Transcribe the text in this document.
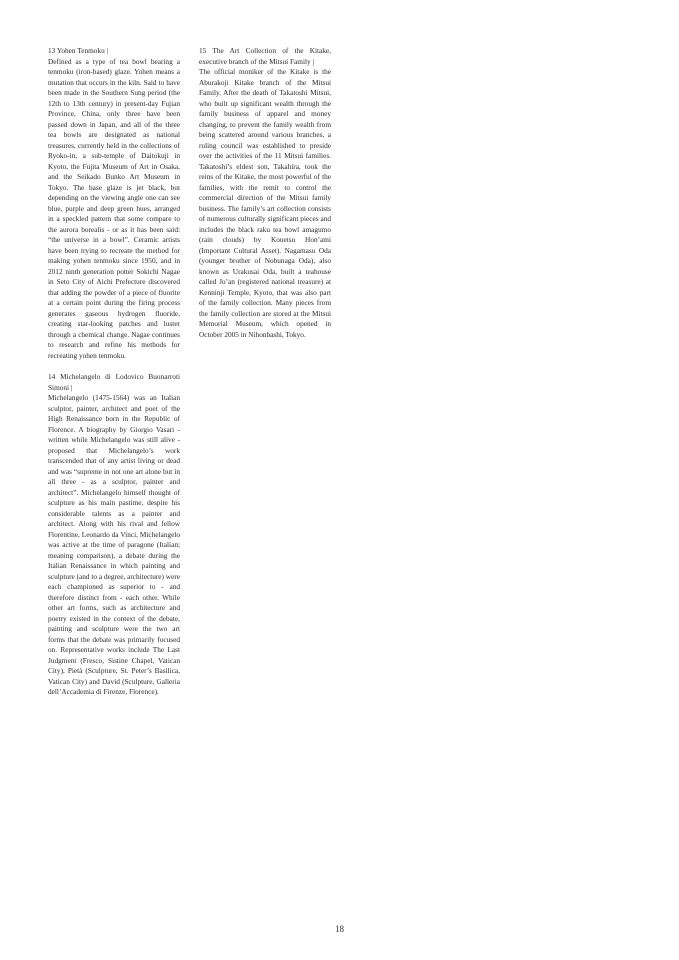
13 Yohen Tenmoku |
Defined as a type of tea bowl bearing a tenmoku (iron-based) glaze. Yohen means a mutation that occurs in the kiln. Said to have been made in the Southern Sung period (the 12th to 13th century) in present-day Fujian Province, China, only three have been passed down in Japan, and all of the three tea bowls are designated as national treasures, currently held in the collections of Ryoko-in, a sub-temple of Daitokuji in Kyoto, the Fujita Museum of Art in Osaka, and the Seikado Bunko Art Museum in Tokyo. The base glaze is jet black, but depending on the viewing angle one can see blue, purple and deep green hues, arranged in a speckled pattern that some compare to the aurora borealis - or as it has been said: “the universe in a bowl”. Ceramic artists have been trying to recreate the method for making yohen tenmoku since 1950, and in 2012 ninth generation potter Sokichi Nagae in Seto City of Aichi Prefecture discovered that adding the powder of a piece of fluorite at a certain point during the firing process generates gaseous hydrogen fluoride, creating star-looking patches and luster through a chemical change. Nagae continues to research and refine his methods for recreating yohen tenmoku.
14 Michelangelo di Lodovico Buonarroti Simoni |
Michelangelo (1475-1564) was an Italian sculptor, painter, architect and poet of the High Renaissance born in the Republic of Florence. A biography by Giorgio Vasari - written while Michelangelo was still alive - proposed that Michelangelo’s work transcended that of any artist living or dead and was “supreme in not one art alone but in all three - as a sculptor, painter and architect”. Michelangelo himself thought of sculpture as his main pastime, despite his considerable talents as a painter and architect. Along with his rival and fellow Florentine, Leonardo da Vinci, Michelangelo was active at the time of paragone (Italian; meaning comparison), a debate during the Italian Renaissance in which painting and sculpture (and to a degree, architecture) were each championed as superior to - and therefore distinct from - each other. While other art forms, such as architecture and poetry existed in the context of the debate, painting and sculpture were the two art forms that the debate was primarily focused on. Representative works include The Last Judgment (Fresco, Sistine Chapel, Vatican City), Pietà (Sculpture, St. Peter’s Basilica, Vatican City) and David (Sculpture, Galleria dell’Accademia di Firenze, Florence).
15 The Art Collection of the Kitake, executive branch of the Mitsui Family |
The official moniker of the Kitake is the Aburakoji Kitake branch of the Mitsui Family. After the death of Takatoshi Mitsui, who built up significant wealth through the family business of apparel and money changing, to prevent the family wealth from being scattered around various branches, a ruling council was established to preside over the activities of the 11 Mitsui families. Takatoshi’s eldest son, Takahira, took the reins of the Kitake, the most powerful of the families, with the remit to control the commercial direction of the Mitsui family business. The family’s art collection consists of numerous culturally significant pieces and includes the black raku tea bowl amagumo (rain clouds) by Kouetsu Hon’ami (Important Cultural Asset). Nagamasu Oda (younger brother of Nobunaga Oda), also known as Urakusai Oda, built a teahouse called Jo’an (registered national treasure) at Kenninji Temple, Kyoto, that was also part of the family collection. Many pieces from the family collection are stored at the Mitsui Memorial Museum, which opened in October 2005 in Nihonbashi, Tokyo.
18
